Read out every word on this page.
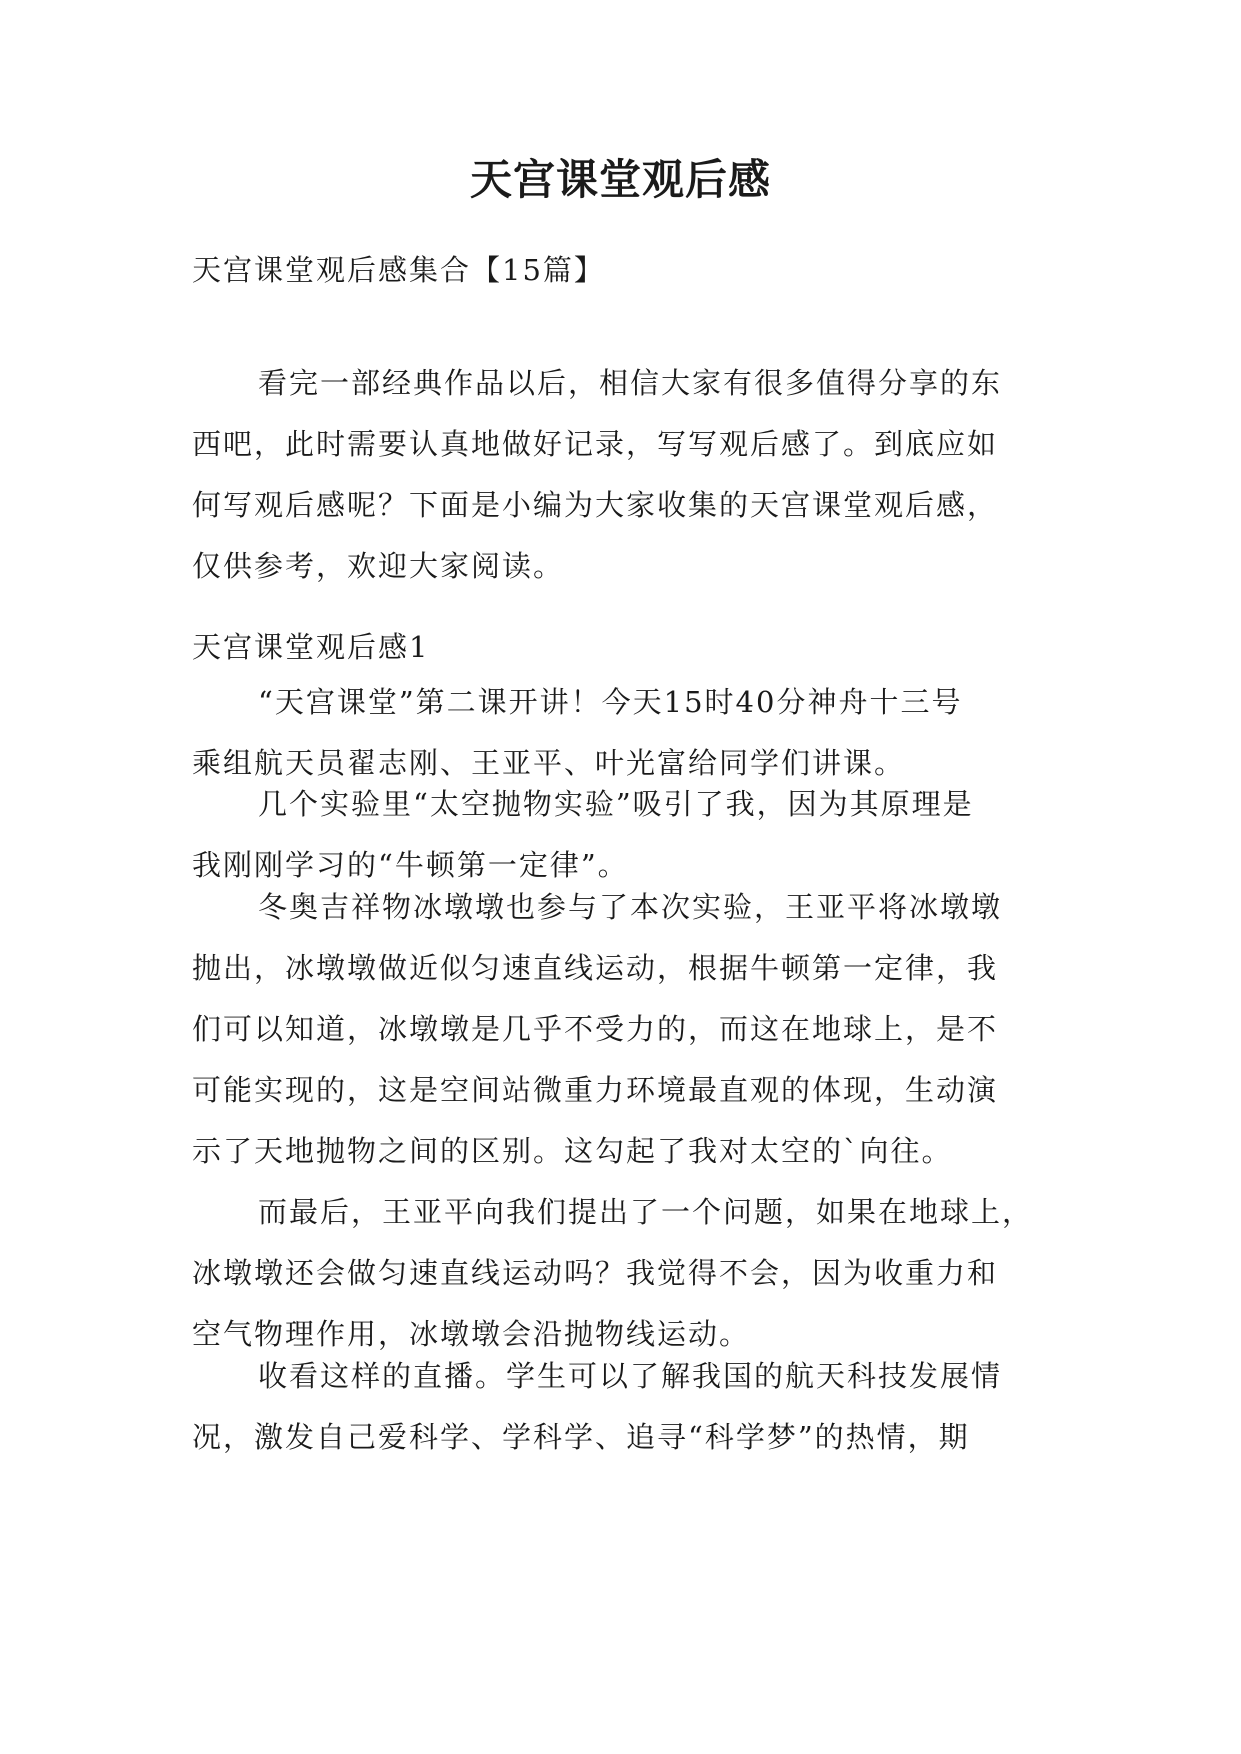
天宫课堂观后感
天宫课堂观后感集合【15篇】
看完一部经典作品以后，相信大家有很多值得分享的东
西吧，此时需要认真地做好记录，写写观后感了。到底应如
何写观后感呢？下面是小编为大家收集的天宫课堂观后感，
仅供参考，欢迎大家阅读。
天宫课堂观后感1
“天宫课堂”第二课开讲！今天15时40分神舟十三号
乘组航天员翟志刚、王亚平、叶光富给同学们讲课。
几个实验里“太空抛物实验”吸引了我，因为其原理是
我刚刚学习的“牛顿第一定律”。
冬奥吉祥物冰墩墩也参与了本次实验，王亚平将冰墩墩
抛出，冰墩墩做近似匀速直线运动，根据牛顿第一定律，我
们可以知道，冰墩墩是几乎不受力的，而这在地球上，是不
可能实现的，这是空间站微重力环境最直观的体现，生动演
示了天地抛物之间的区别。这勾起了我对太空的`向往。
而最后，王亚平向我们提出了一个问题，如果在地球上，
冰墩墩还会做匀速直线运动吗？我觉得不会，因为收重力和
空气物理作用，冰墩墩会沿抛物线运动。
收看这样的直播。学生可以了解我国的航天科技发展情
况，激发自己爱科学、学科学、追寻“科学梦”的热情，期
